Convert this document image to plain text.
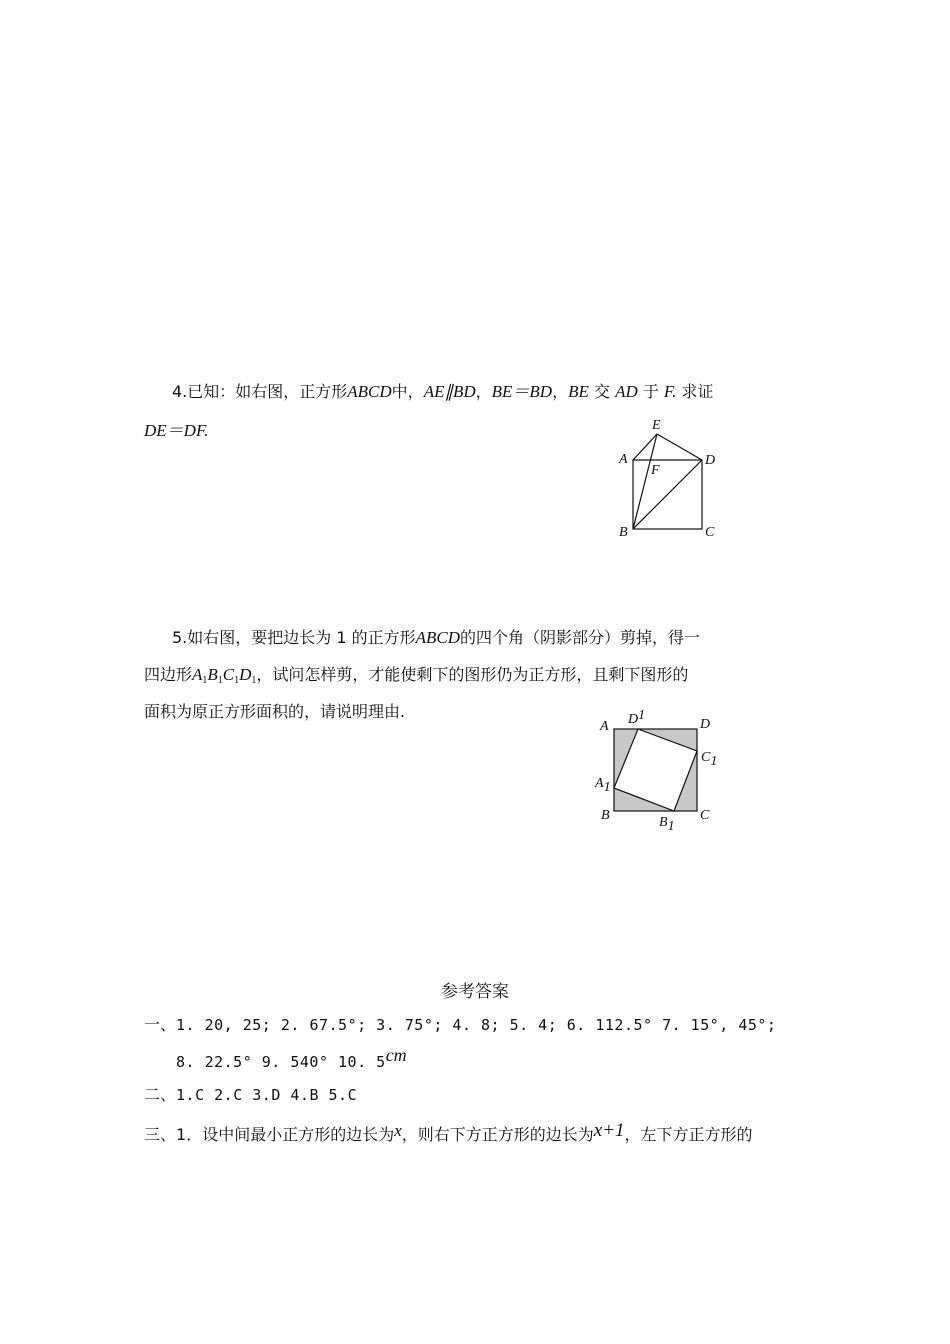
4.已知：如右图，正方形ABCD中，AE∥BD，BE＝BD，BE 交 AD 于 F. 求证
DE＝DF.	E
A
F
D
B	C
5.如右图，要把边长为 1 的正方形ABCD的四个角（阴影部分）剪掉，得一
四边形$A_1B_1C_1D_1$，试问怎样剪，才能使剩下的图形仍为正方形，且剩下图形的
面积为原正方形面积的，请说明理由.
A D1
D
C1
A1
B	B1
C
参考答案
一、1. 20, 25; 2. 67.5°; 3. 75°; 4. 8; 5. 4; 6. 112.5° 7. 15°, 45°;
8. 22.5° 9. 540° 10. 5cm
二、1.C 2.C 3.D 4.B 5.C
三、1．设中间最小正方形的边长为x，则右下方正方形的边长为x+1，左下方正方形的
